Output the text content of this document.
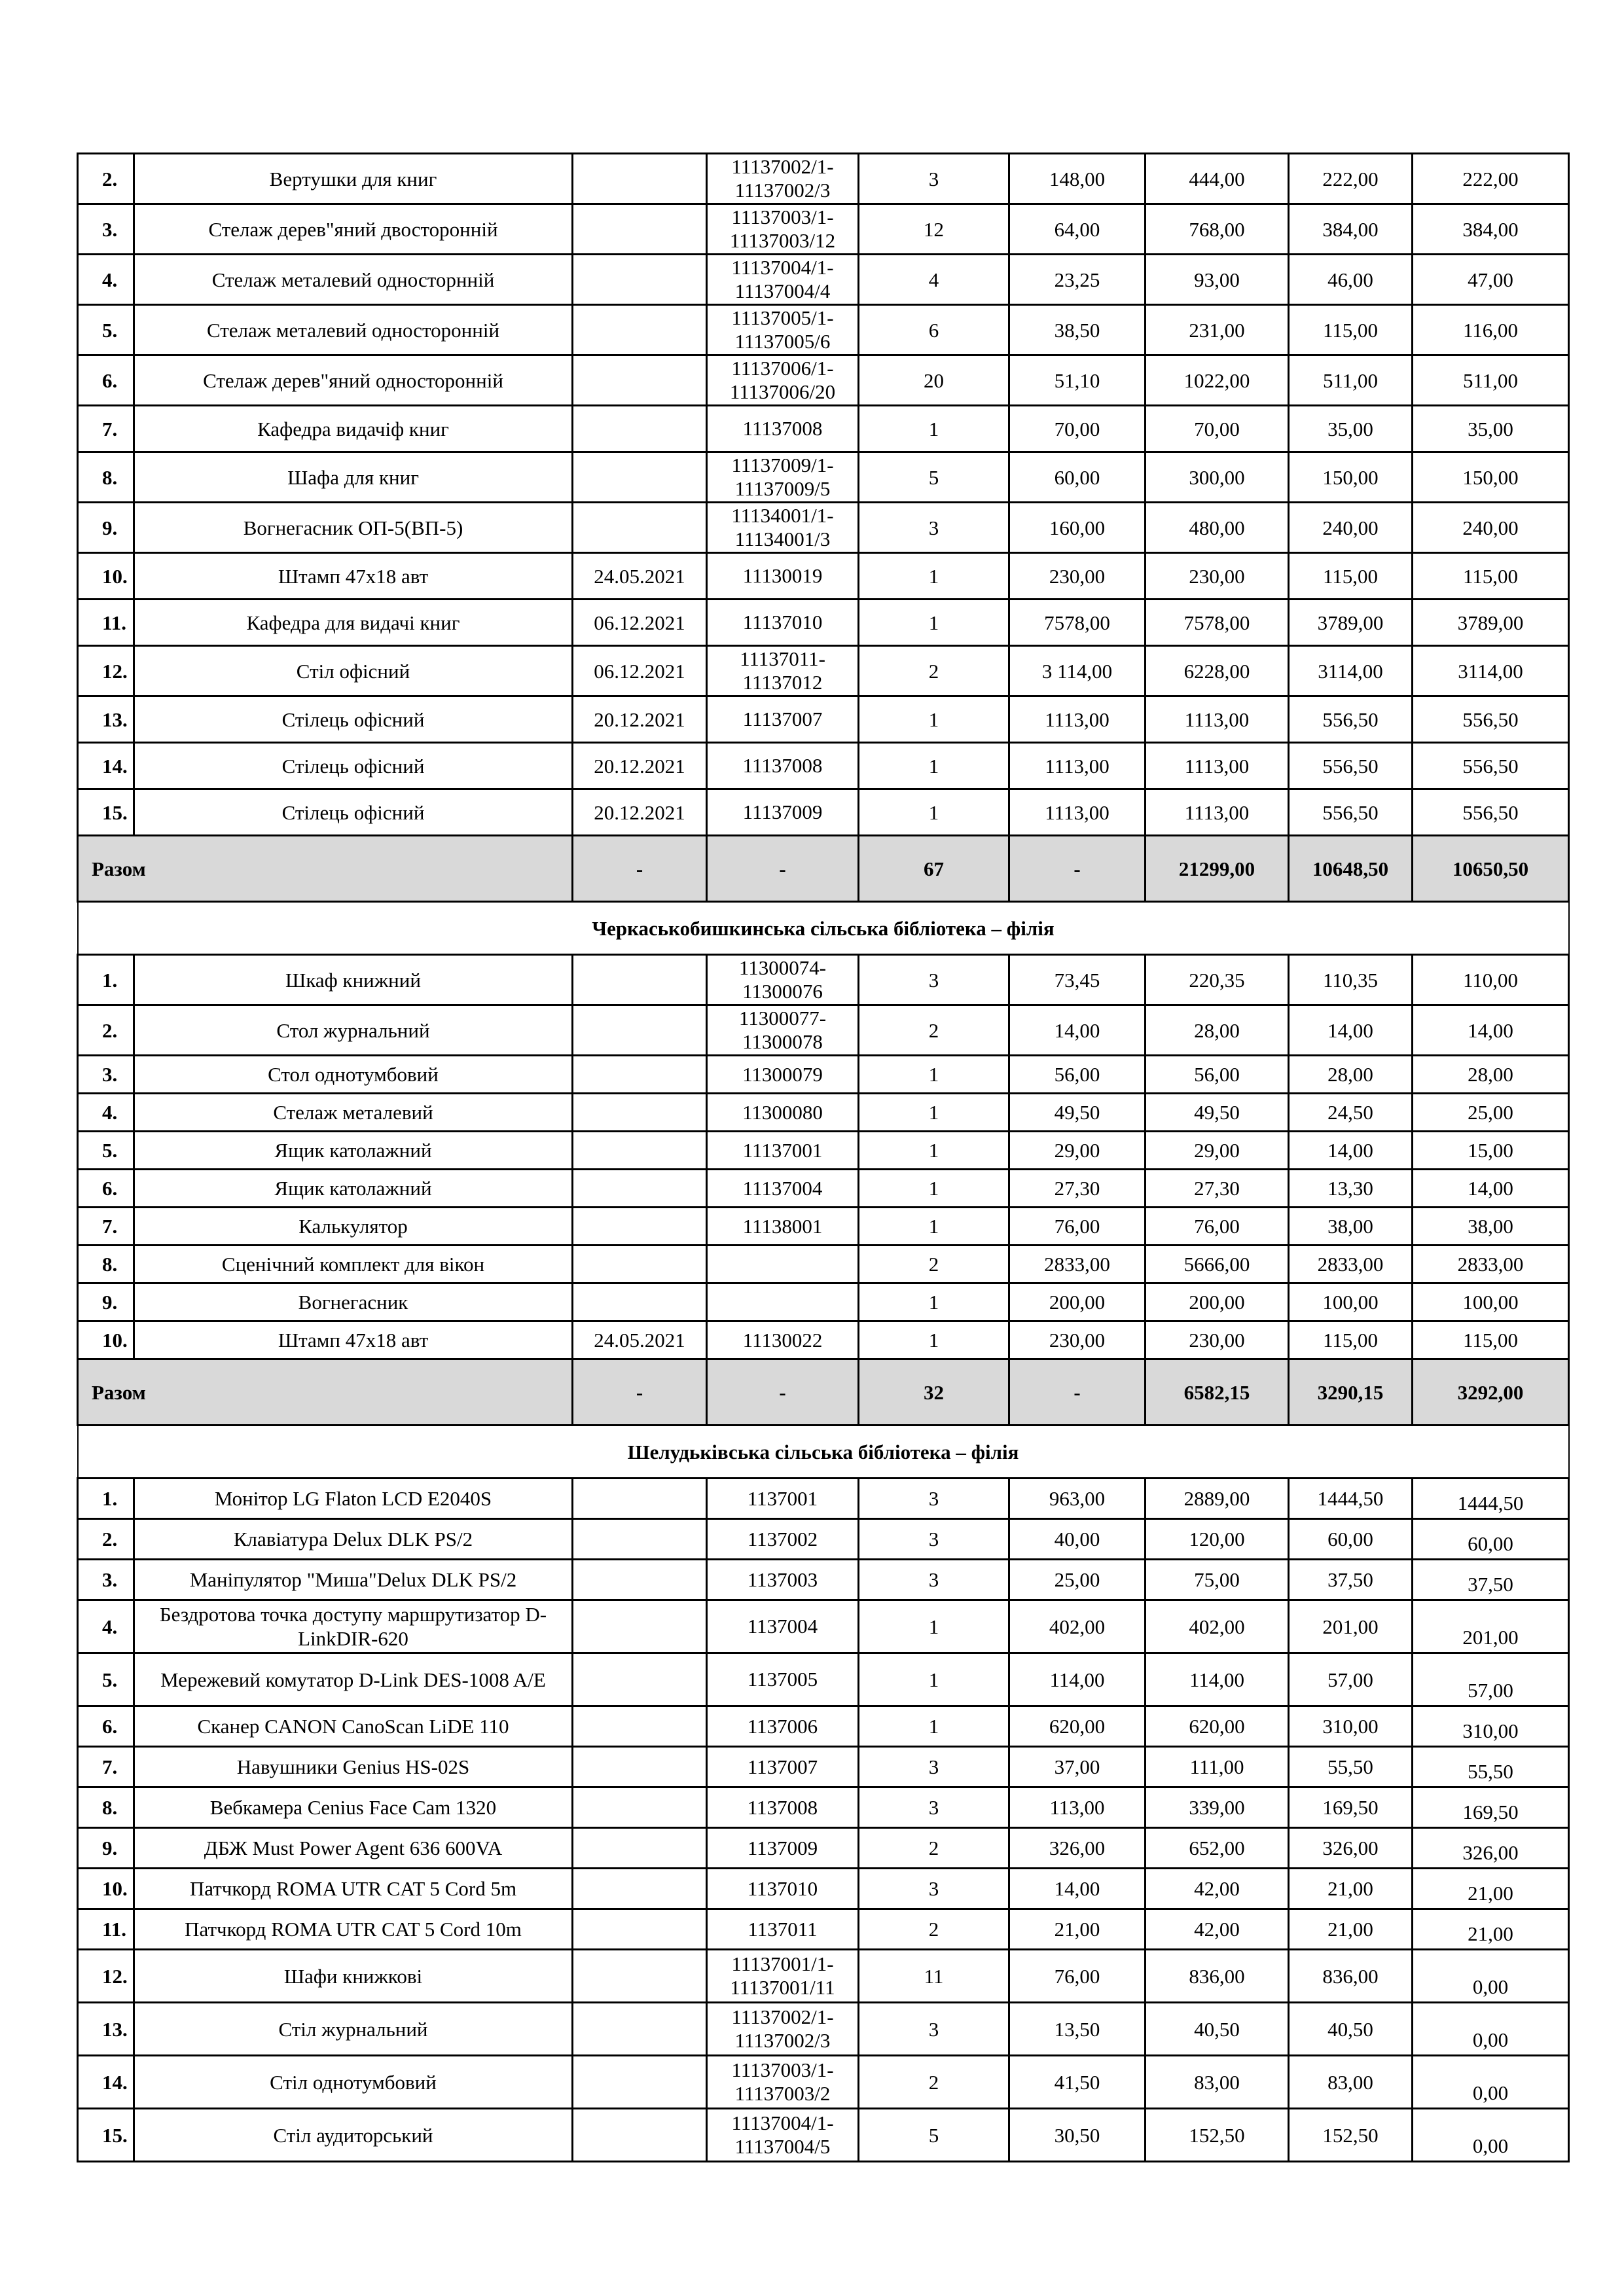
2.	Вертушки для книг		11137002/1-
11137002/3	3	148,00	444,00	222,00	222,00
3.	Стелаж дерев"яний двосторонній		11137003/1-
11137003/12	12	64,00	768,00	384,00	384,00
4.	Стелаж металевий односторнній		11137004/1-
11137004/4	4	23,25	93,00	46,00	47,00
5.	Стелаж металевий односторонній		11137005/1-
11137005/6	6	38,50	231,00	115,00	116,00
6.	Стелаж дерев"яний односторонній		11137006/1-
11137006/20	20	51,10	1022,00	511,00	511,00
7.	Кафедра видачіф книг		11137008	1	70,00	70,00	35,00	35,00
8.	Шафа для книг		11137009/1-
11137009/5	5	60,00	300,00	150,00	150,00
9.	Вогнегасник ОП-5(ВП-5)		11134001/1-
11134001/3	3	160,00	480,00	240,00	240,00
10.	Штамп 47х18 авт	24.05.2021	11130019	1	230,00	230,00	115,00	115,00
11.	Кафедра для видачі книг	06.12.2021	11137010	1	7578,00	7578,00	3789,00	3789,00
12.	Стіл офісний	06.12.2021	11137011-
11137012	2	3 114,00	6228,00	3114,00	3114,00
13.	Стілець офісний	20.12.2021	11137007	1	1113,00	1113,00	556,50	556,50
14.	Стілець офісний	20.12.2021	11137008	1	1113,00	1113,00	556,50	556,50
15.	Стілець офісний	20.12.2021	11137009	1	1113,00	1113,00	556,50	556,50
Разом		-	-	67	-	21299,00	10648,50	10650,50
Черкаськобишкинська сільська бібліотека – філія								
1.	Шкаф книжний		11300074-
11300076	3	73,45	220,35	110,35	110,00
2.	Стол журнальний		11300077-
11300078	2	14,00	28,00	14,00	14,00
3.	Стол однотумбовий		11300079	1	56,00	56,00	28,00	28,00
4.	Стелаж металевий		11300080	1	49,50	49,50	24,50	25,00
5.	Ящик католажний		11137001	1	29,00	29,00	14,00	15,00
6.	Ящик католажний		11137004	1	27,30	27,30	13,30	14,00
7.	Калькулятор		11138001	1	76,00	76,00	38,00	38,00
8.	Сценічний комплект для вікон			2	2833,00	5666,00	2833,00	2833,00
9.	Вогнегасник			1	200,00	200,00	100,00	100,00
10.	Штамп 47х18 авт	24.05.2021	11130022	1	230,00	230,00	115,00	115,00
Разом		-	-	32	-	6582,15	3290,15	3292,00
Шелудьківська сільська бібліотека – філія								
1.	Монітор LG Flaton LCD E2040S		1137001	3	963,00	2889,00	1444,50	1444,50
2.	Клавіатура Delux DLK PS/2		1137002	3	40,00	120,00	60,00	60,00
3.	Маніпулятор "Миша"Delux DLK PS/2		1137003	3	25,00	75,00	37,50	37,50
4.	Бездротова точка доступу маршрутизатор D-LinkDIR-620		1137004	1	402,00	402,00	201,00	201,00
5.	Мережевий комутатор D-Link DES-1008 A/E		1137005	1	114,00	114,00	57,00	57,00
6.	Сканер CANON CanoScan LiDE 110		1137006	1	620,00	620,00	310,00	310,00
7.	Навушники Genius HS-02S		1137007	3	37,00	111,00	55,50	55,50
8.	Вебкамера Cenius Face Cam 1320		1137008	3	113,00	339,00	169,50	169,50
9.	ДБЖ Must Power Agent 636 600VA		1137009	2	326,00	652,00	326,00	326,00
10.	Патчкорд ROMA UTR CAT 5 Cord 5m		1137010	3	14,00	42,00	21,00	21,00
11.	Патчкорд ROMA UTR CAT 5 Cord 10m		1137011	2	21,00	42,00	21,00	21,00
12.	Шафи книжкові		11137001/1-
11137001/11	11	76,00	836,00	836,00	0,00
13.	Стіл журнальний		11137002/1-
11137002/3	3	13,50	40,50	40,50	0,00
14.	Стіл однотумбовий		11137003/1-
11137003/2	2	41,50	83,00	83,00	0,00
15.	Стіл аудиторський		11137004/1-
11137004/5	5	30,50	152,50	152,50	0,00
